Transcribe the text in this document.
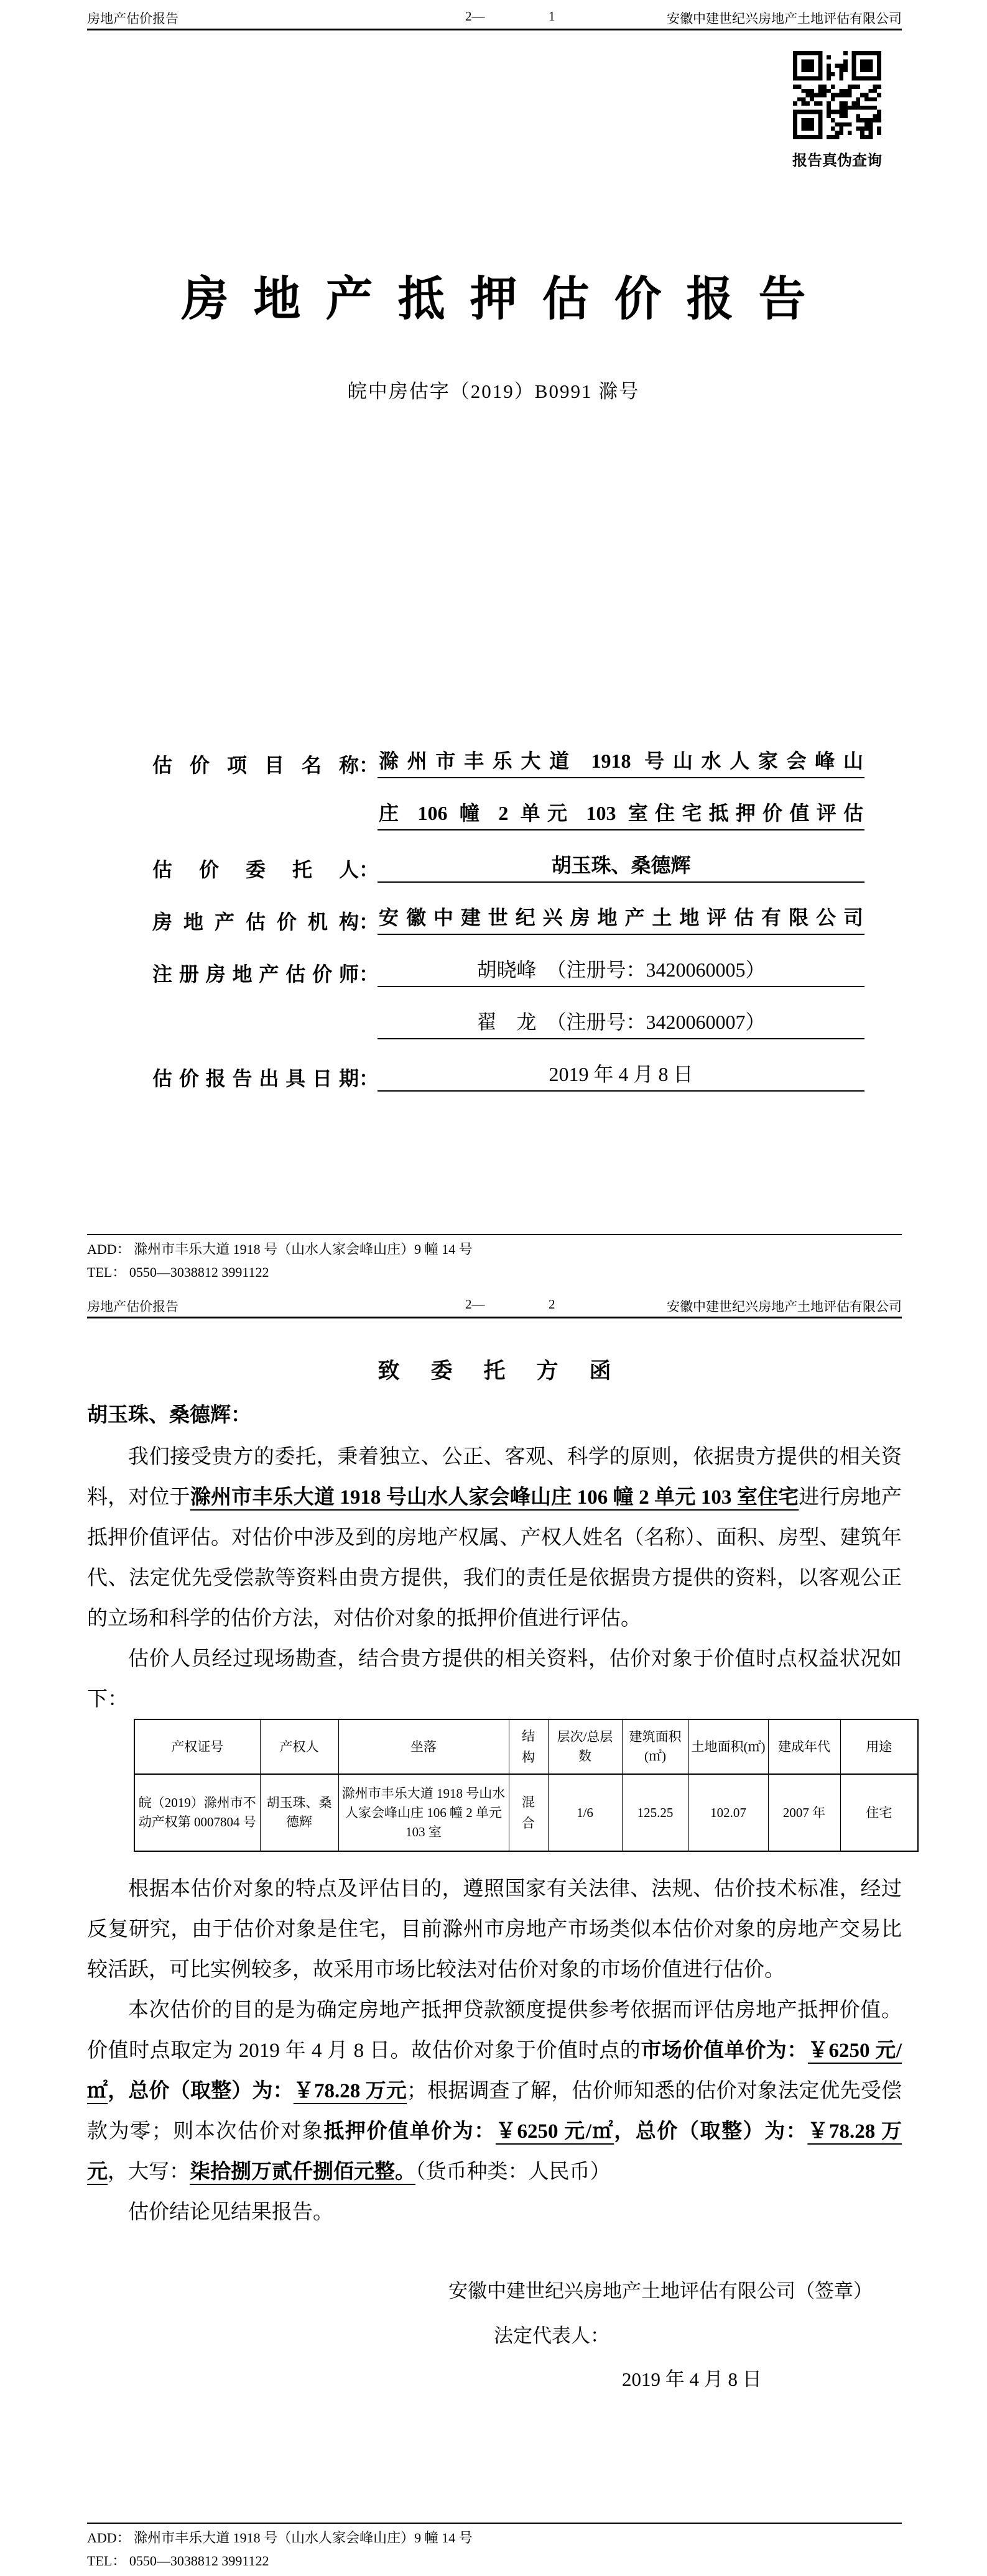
房地产估价报告	2—	1	安徽中建世纪兴房地产土地评估有限公司
报告真伪查询
房地产抵押估价报告
皖中房估字（2019）B0991 滁号
估价项目名称 ： 滁州市丰乐大道 1918 号山水人家会峰山
庄 106 幢 2 单元 103 室住宅抵押价值评估
估价委托人 ：	胡玉珠、桑德辉
房地产估价机构 ： 安徽中建世纪兴房地产土地评估有限公司
注册房地产估价师 ：	胡晓峰　（注册号：3420060005）
翟　龙　（注册号：3420060007）
估价报告出具日期 ：	2019 年 4 月 8 日
ADD： 滁州市丰乐大道 1918 号（山水人家会峰山庄）9 幢 14 号
TEL： 0550—3038812 3991122
房地产估价报告	2—	2	安徽中建世纪兴房地产土地评估有限公司
致委托方函
胡玉珠、桑德辉：

我们接受贵方的委托，秉着独立、公正、客观、科学的原则，依据贵方提供的相关资料，对位于滁州市丰乐大道 1918 号山水人家会峰山庄 106 幢 2 单元 103 室住宅进行房地产抵押价值评估。对估价中涉及到的房地产权属、产权人姓名（名称）、面积、房型、建筑年代、法定优先受偿款等资料由贵方提供，我们的责任是依据贵方提供的资料，以客观公正的立场和科学的估价方法，对估价对象的抵押价值进行评估。

估价人员经过现场勘查，结合贵方提供的相关资料，估价对象于价值时点权益状况如下：

产权证号	产权人	坐落	结构	层次/总层数	建筑面积(㎡)	土地面积(㎡)	建成年代	用途
皖（2019）滁州市不动产权第 0007804 号	胡玉珠、桑德辉	滁州市丰乐大道 1918 号山水人家会峰山庄 106 幢 2 单元 103 室	混合	1/6	125.25	102.07	2007 年	住宅

根据本估价对象的特点及评估目的，遵照国家有关法律、法规、估价技术标准，经过反复研究，由于估价对象是住宅，目前滁州市房地产市场类似本估价对象的房地产交易比较活跃，可比实例较多，故采用市场比较法对估价对象的市场价值进行估价。

本次估价的目的是为确定房地产抵押贷款额度提供参考依据而评估房地产抵押价值。价值时点取定为 2019 年 4 月 8 日。故估价对象于价值时点的市场价值单价为：￥6250 元/㎡，总价（取整）为：￥78.28 万元；根据调查了解，估价师知悉的估价对象法定优先受偿款为零；则本次估价对象抵押价值单价为：￥6250 元/㎡，总价（取整）为：￥78.28 万元，大写：柒拾捌万贰仟捌佰元整。（货币种类：人民币）

估价结论见结果报告。

安徽中建世纪兴房地产土地评估有限公司（签章）
法定代表人：
2019 年 4 月 8 日
ADD： 滁州市丰乐大道 1918 号（山水人家会峰山庄）9 幢 14 号
TEL： 0550—3038812 3991122
